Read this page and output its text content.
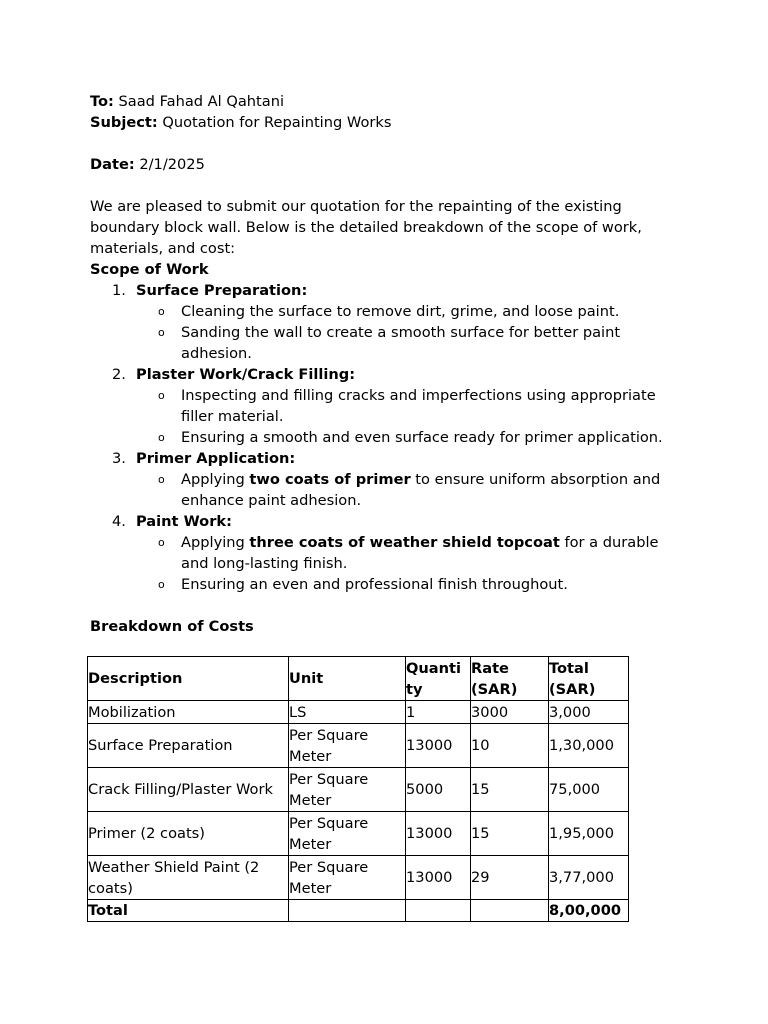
To: Saad Fahad Al Qahtani

Subject: Quotation for Repainting Works

Date: 2/1/2025

We are pleased to submit our quotation for the repainting of the existing boundary block wall. Below is the detailed breakdown of the scope of work, materials, and cost:

Scope of Work

1. Surface Preparation:
o Cleaning the surface to remove dirt, grime, and loose paint.
o Sanding the wall to create a smooth surface for better paint adhesion.
2. Plaster Work/Crack Filling:
o Inspecting and filling cracks and imperfections using appropriate filler material.
o Ensuring a smooth and even surface ready for primer application.
3. Primer Application:
o Applying two coats of primer to ensure uniform absorption and enhance paint adhesion.
4. Paint Work:
o Applying three coats of weather shield topcoat for a durable and long-lasting finish.
o Ensuring an even and professional finish throughout.

Breakdown of Costs

Description	Unit	Quanti ty	Rate (SAR)	Total (SAR)
Mobilization	LS	1	3000	3,000
Surface Preparation	Per Square Meter	13000	10	1,30,000
Crack Filling/Plaster Work	Per Square Meter	5000	15	75,000
Primer (2 coats)	Per Square Meter	13000	15	1,95,000
Weather Shield Paint (2 coats)	Per Square Meter	13000	29	3,77,000
Total				8,00,000
